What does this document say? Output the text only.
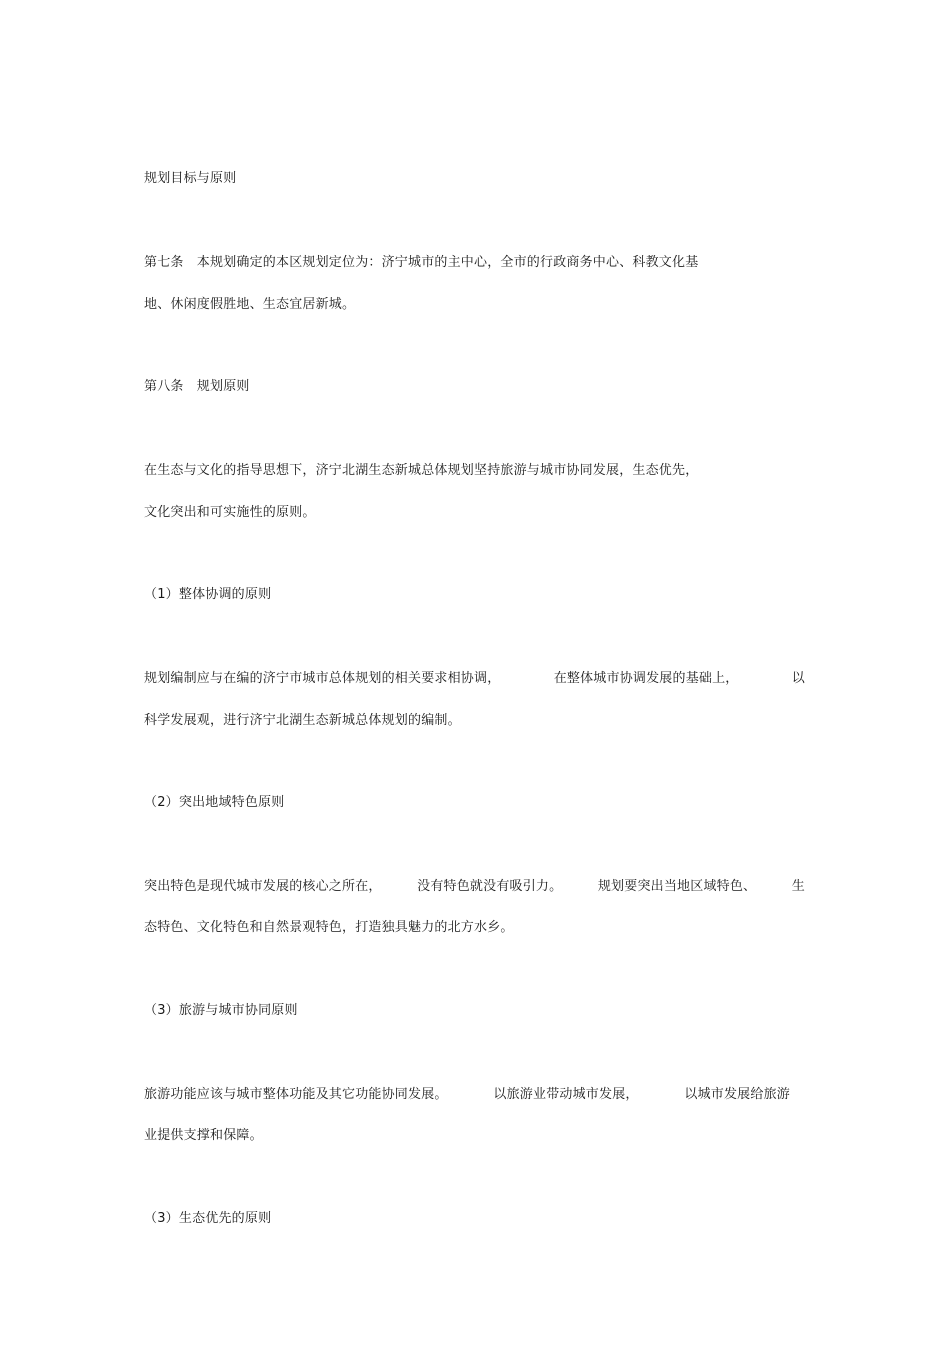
规划目标与原则
第七条　本规划确定的本区规划定位为：济宁城市的主中心，全市的行政商务中心、科教文化基
地、休闲度假胜地、生态宜居新城。
第八条　规划原则
在生态与文化的指导思想下，济宁北湖生态新城总体规划坚持旅游与城市协同发展，生态优先，
文化突出和可实施性的原则。
（1）整体协调的原则
规划编制应与在编的济宁市城市总体规划的相关要求相协调，	在整体城市协调发展的基础上，	以
科学发展观，进行济宁北湖生态新城总体规划的编制。
（2）突出地域特色原则
突出特色是现代城市发展的核心之所在，	没有特色就没有吸引力。	规划要突出当地区域特色、	生
态特色、文化特色和自然景观特色，打造独具魅力的北方水乡。
（3）旅游与城市协同原则
旅游功能应该与城市整体功能及其它功能协同发展。	以旅游业带动城市发展，	以城市发展给旅游
业提供支撑和保障。
（3）生态优先的原则
